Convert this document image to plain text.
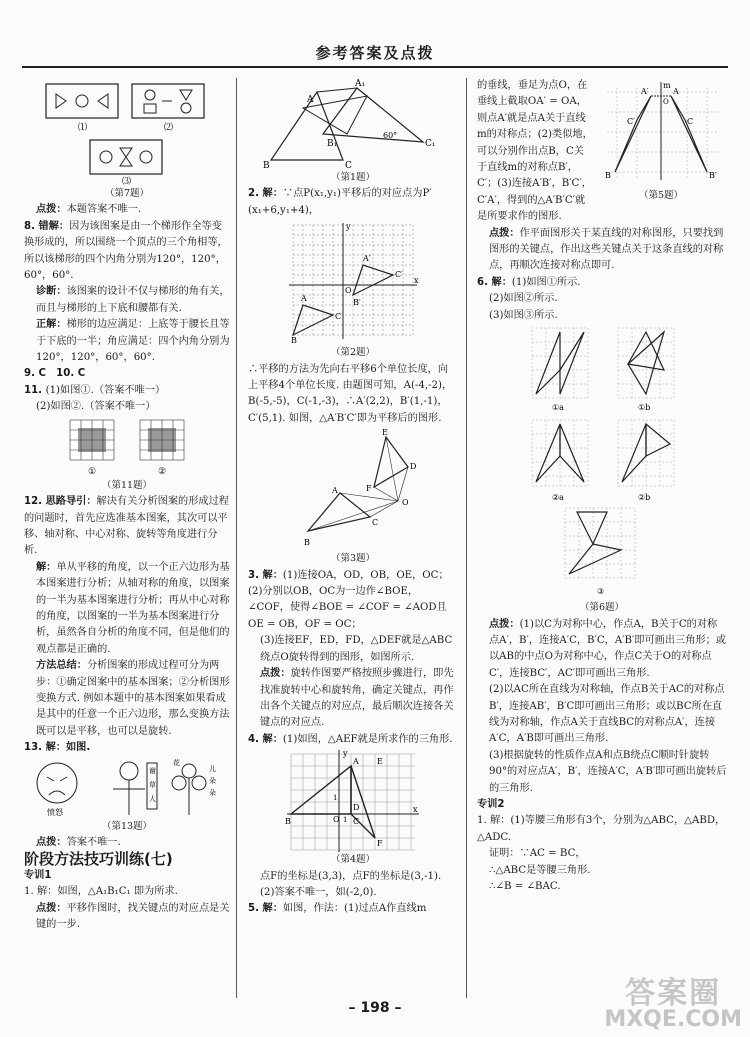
参考答案及点拨
⑴	⑵
⑶

（第7题）

点拨：本题答案不唯一.

8. 错解：因为该图案是由一个梯形作全等变换形成的，所以围绕一个顶点的三个角相等，所以该梯形的四个内角分别为120°，120°，60°，60°.

诊断：该图案的设计不仅与梯形的角有关，而且与梯形的上下底和腰都有关.

正解：梯形的边应满足：上底等于腰长且等于下底的一半；角应满足：四个内角分别为120°，120°，60°，60°.

9. C　10. C

11. (1)如图①.（答案不唯一）

(2)如图②.（答案不唯一）

①	②

（第11题）

12. 思路导引：解决有关分析图案的形成过程的问题时，首先应选准基本图案，其次可以平移、轴对称、中心对称、旋转等角度进行分析.

解：单从平移的角度，以一个正六边形为基本图案进行分析；从轴对称的角度，以图案的一半为基本图案进行分析；再从中心对称的角度，以图案的一半为基本图案进行分析，虽然各自分析的角度不同，但是他们的观点都是正确的.

方法总结：分析图案的形成过程可分为两步：①确定图案中的基本图案；②分析图形变换方式. 例如本题中的基本图案如果看成是其中的任意一个正六边形，那么变换方法既可以是平移，也可以是旋转.

13. 解：如图.

愤怒
谢
草
人
花
儿
朵
朵

（第13题）

点拨：答案不唯一.

阶段方法技巧训练(七)

专训1

1. 解：如图，△A₁B₁C₁ 即为所求.

点拨：平移作图时，找关键点的对应点是关键的一步.

A
A₁
B₁
C
C₁
B
60°

（第1题）

2. 解：∵点P(x₁,y₁)平移后的对应点为P′(x₁+6,y₁+4)，

y
x
A′
B′
C′
A
B
C
O

（第2题）

∴平移的方法为先向右平移6个单位长度，向上平移4个单位长度. 由题图可知，A(-4,-2)，B(-5,-5)，C(-1,-3)，∴A′(2,2)，B′(1,-1)，C′(5,1). 如图，△A′B′C′即为平移后的图形.

E
D
F
O
A
B
C

（第3题）

3. 解：(1)连接OA，OD，OB，OE，OC；(2)分别以OB，OC为一边作∠BOE，∠COF，使得∠BOE = ∠COF = ∠AOD且OE = OB，OF = OC；

(3)连接EF，ED，FD，△DEF就是△ABC绕点O旋转得到的图形，如图所示.

点拨：旋转作图要严格按照步骤进行，即先找准旋转中心和旋转角，确定关键点，再作出各个关键点的对应点，最后顺次连接各关键点的对应点.

4. 解：(1)如图，△AEF就是所求作的三角形.

y
x
A E
B	C
D
F
O
1
1

（第4题）

点F的坐标是(3,3)，点F的坐标是(3,-1).

(2)答案不唯一，如(-2,0).

5. 解：如图，作法：(1)过点A作直线m

的垂线，垂足为点O，在垂线上截取OA′ = OA，则点A′就是点A关于直线m的对称点；(2)类似地，可以分别作出点B，C关于直线m的对称点B′，C′；(3)连接A′B′，B′C′，C′A′，得到的△A′B′C′就是所要求作的图形.

m
A′	A
O
C′	C
B	B′

（第5题）

点拨：作平面图形关于某直线的对称图形，只要找到图形的关键点，作出这些关键点关于这条直线的对称点，再顺次连接对称点即可.

6. 解：(1)如图①所示.

(2)如图②所示.

(3)如图③所示.

①a	①b
②a	②b
③

（第6题）

点拨：(1)以C为对称中心，作点A，B关于C的对称点A′，B′，连接A′C，B′C，A′B′即可画出三角形；或以AB的中点O为对称中心，作点C关于O的对称点C′，连接BC′，AC′即可画出三角形.

(2)以AC所在直线为对称轴，作点B关于AC的对称点B′，连接AB′，B′C即可画出三角形；或以BC所在直线为对称轴，作点A关于直线BC的对称点A′，连接A′C，A′B即可画出三角形.

(3)根据旋转的性质作点A和点B绕点C顺时针旋转90°的对应点A′，B′，连接A′C，A′B′即可画出旋转后的三角形.

专训2

1. 解：(1)等腰三角形有3个，分别为△ABC，△ABD，△ADC.

证明：∵AC = BC，

∴△ABC是等腰三角形.

∴∠B = ∠BAC.

– 198 –	答案圈
MXQE.COM
